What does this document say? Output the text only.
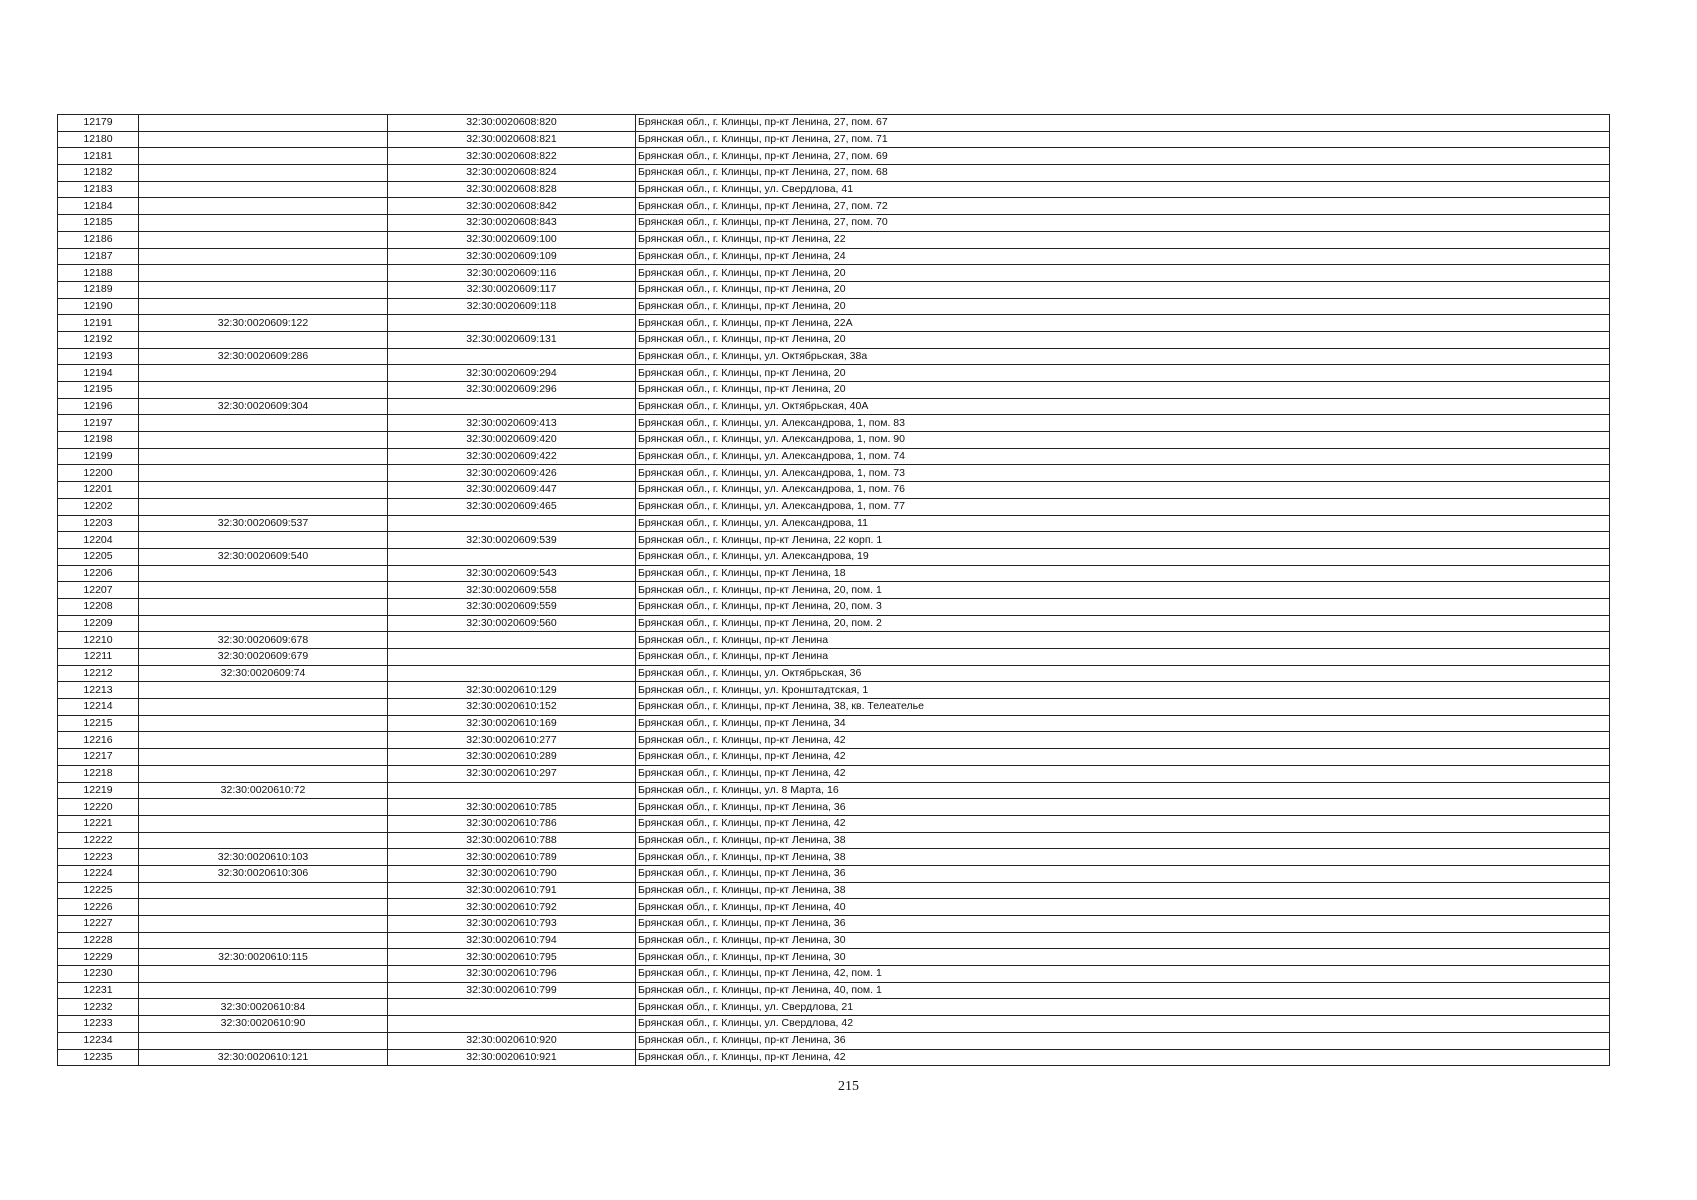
12179		32:30:0020608:820	Брянская обл., г. Клинцы, пр-кт Ленина, 27, пом. 67
12180		32:30:0020608:821	Брянская обл., г. Клинцы, пр-кт Ленина, 27, пом. 71
12181		32:30:0020608:822	Брянская обл., г. Клинцы, пр-кт Ленина, 27, пом. 69
12182		32:30:0020608:824	Брянская обл., г. Клинцы, пр-кт Ленина, 27, пом. 68
12183		32:30:0020608:828	Брянская обл., г. Клинцы, ул. Свердлова, 41
12184		32:30:0020608:842	Брянская обл., г. Клинцы, пр-кт Ленина, 27, пом. 72
12185		32:30:0020608:843	Брянская обл., г. Клинцы, пр-кт Ленина, 27, пом. 70
12186		32:30:0020609:100	Брянская обл., г. Клинцы, пр-кт Ленина, 22
12187		32:30:0020609:109	Брянская обл., г. Клинцы, пр-кт Ленина, 24
12188		32:30:0020609:116	Брянская обл., г. Клинцы, пр-кт Ленина, 20
12189		32:30:0020609:117	Брянская обл., г. Клинцы, пр-кт Ленина, 20
12190		32:30:0020609:118	Брянская обл., г. Клинцы, пр-кт Ленина, 20
12191	32:30:0020609:122		Брянская обл., г. Клинцы, пр-кт Ленина, 22А
12192		32:30:0020609:131	Брянская обл., г. Клинцы, пр-кт Ленина, 20
12193	32:30:0020609:286		Брянская обл., г. Клинцы, ул. Октябрьская, 38а
12194		32:30:0020609:294	Брянская обл., г. Клинцы, пр-кт Ленина, 20
12195		32:30:0020609:296	Брянская обл., г. Клинцы, пр-кт Ленина, 20
12196	32:30:0020609:304		Брянская обл., г. Клинцы, ул. Октябрьская, 40А
12197		32:30:0020609:413	Брянская обл., г. Клинцы, ул. Александрова, 1, пом. 83
12198		32:30:0020609:420	Брянская обл., г. Клинцы, ул. Александрова, 1, пом. 90
12199		32:30:0020609:422	Брянская обл., г. Клинцы, ул. Александрова, 1, пом. 74
12200		32:30:0020609:426	Брянская обл., г. Клинцы, ул. Александрова, 1, пом. 73
12201		32:30:0020609:447	Брянская обл., г. Клинцы, ул. Александрова, 1, пом. 76
12202		32:30:0020609:465	Брянская обл., г. Клинцы, ул. Александрова, 1, пом. 77
12203	32:30:0020609:537		Брянская обл., г. Клинцы, ул. Александрова, 11
12204		32:30:0020609:539	Брянская обл., г. Клинцы, пр-кт Ленина, 22 корп. 1
12205	32:30:0020609:540		Брянская обл., г. Клинцы, ул. Александрова, 19
12206		32:30:0020609:543	Брянская обл., г. Клинцы, пр-кт Ленина, 18
12207		32:30:0020609:558	Брянская обл., г. Клинцы, пр-кт Ленина, 20, пом. 1
12208		32:30:0020609:559	Брянская обл., г. Клинцы, пр-кт Ленина, 20, пом. 3
12209		32:30:0020609:560	Брянская обл., г. Клинцы, пр-кт Ленина, 20, пом. 2
12210	32:30:0020609:678		Брянская обл., г. Клинцы, пр-кт Ленина
12211	32:30:0020609:679		Брянская обл., г. Клинцы, пр-кт Ленина
12212	32:30:0020609:74		Брянская обл., г. Клинцы, ул. Октябрьская, 36
12213		32:30:0020610:129	Брянская обл., г. Клинцы, ул. Кронштадтская, 1
12214		32:30:0020610:152	Брянская обл., г. Клинцы, пр-кт Ленина, 38, кв. Телеателье
12215		32:30:0020610:169	Брянская обл., г. Клинцы, пр-кт Ленина, 34
12216		32:30:0020610:277	Брянская обл., г. Клинцы, пр-кт Ленина, 42
12217		32:30:0020610:289	Брянская обл., г. Клинцы, пр-кт Ленина, 42
12218		32:30:0020610:297	Брянская обл., г. Клинцы, пр-кт Ленина, 42
12219	32:30:0020610:72		Брянская обл., г. Клинцы, ул. 8 Марта, 16
12220		32:30:0020610:785	Брянская обл., г. Клинцы, пр-кт Ленина, 36
12221		32:30:0020610:786	Брянская обл., г. Клинцы, пр-кт Ленина, 42
12222		32:30:0020610:788	Брянская обл., г. Клинцы, пр-кт Ленина, 38
12223	32:30:0020610:103	32:30:0020610:789	Брянская обл., г. Клинцы, пр-кт Ленина, 38
12224	32:30:0020610:306	32:30:0020610:790	Брянская обл., г. Клинцы, пр-кт Ленина, 36
12225		32:30:0020610:791	Брянская обл., г. Клинцы, пр-кт Ленина, 38
12226		32:30:0020610:792	Брянская обл., г. Клинцы, пр-кт Ленина, 40
12227		32:30:0020610:793	Брянская обл., г. Клинцы, пр-кт Ленина, 36
12228		32:30:0020610:794	Брянская обл., г. Клинцы, пр-кт Ленина, 30
12229	32:30:0020610:115	32:30:0020610:795	Брянская обл., г. Клинцы, пр-кт Ленина, 30
12230		32:30:0020610:796	Брянская обл., г. Клинцы, пр-кт Ленина, 42, пом. 1
12231		32:30:0020610:799	Брянская обл., г. Клинцы, пр-кт Ленина, 40, пом. 1
12232	32:30:0020610:84		Брянская обл., г. Клинцы, ул. Свердлова, 21
12233	32:30:0020610:90		Брянская обл., г. Клинцы, ул. Свердлова, 42
12234		32:30:0020610:920	Брянская обл., г. Клинцы, пр-кт Ленина, 36
12235	32:30:0020610:121	32:30:0020610:921	Брянская обл., г. Клинцы, пр-кт Ленина, 42
215
